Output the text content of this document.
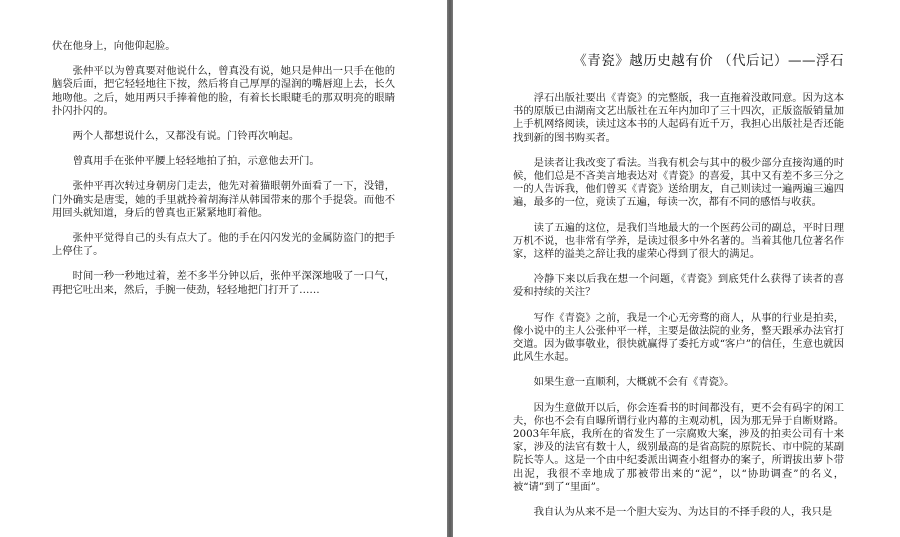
伏在他身上，向他仰起脸。

张仲平以为曾真要对他说什么，曾真没有说，她只是伸出一只手在他的脑袋后面，把它轻轻地往下按，然后将自己厚厚的湿润的嘴唇迎上去，长久地吻他。之后，她用两只手捧着他的脸，有着长长眼睫毛的那双明亮的眼睛扑闪扑闪的。

两个人都想说什么，又都没有说。门铃再次响起。

曾真用手在张仲平腰上轻轻地拍了拍，示意他去开门。

张仲平再次转过身朝房门走去，他先对着猫眼朝外面看了一下，没错，门外确实是唐雯，她的手里就拎着胡海洋从韩国带来的那个手提袋。而他不用回头就知道，身后的曾真也正紧紧地盯着他。

张仲平觉得自己的头有点大了。他的手在闪闪发光的金属防盗门的把手上停住了。

时间一秒一秒地过着，差不多半分钟以后，张仲平深深地吸了一口气，再把它吐出来，然后，手腕一使劲，轻轻地把门打开了……

《青瓷》越历史越有价 （代后记）——浮石

浮石出版社要出《青瓷》的完整版，我一直拖着没敢同意。因为这本书的原版已由湖南文艺出版社在五年内加印了三十四次，正版盗版销量加上手机网络阅读，读过这本书的人起码有近千万，我担心出版社是否还能找到新的图书购买者。

是读者让我改变了看法。当我有机会与其中的极少部分直接沟通的时候，他们总是不吝美言地表达对《青瓷》的喜爱，其中又有差不多三分之一的人告诉我，他们曾买《青瓷》送给朋友，自己则读过一遍两遍三遍四遍，最多的一位，竟读了五遍，每读一次，都有不同的感悟与收获。

读了五遍的这位，是我们当地最大的一个医药公司的副总，平时日理万机不说，也非常有学养，是读过很多中外名著的。当着其他几位著名作家，这样的溢美之辞让我的虚荣心得到了很大的满足。

冷静下来以后我在想一个问题，《青瓷》到底凭什么获得了读者的喜爱和持续的关注？

写作《青瓷》之前，我是一个心无旁骛的商人，从事的行业是拍卖，像小说中的主人公张仲平一样，主要是做法院的业务，整天跟承办法官打交道。因为做事敬业，很快就赢得了委托方或“客户”的信任，生意也就因此风生水起。

如果生意一直顺利，大概就不会有《青瓷》。

因为生意做开以后，你会连看书的时间都没有，更不会有码字的闲工夫，你也不会有自曝所谓行业内幕的主观动机，因为那无异于自断财路。2003年年底，我所在的省发生了一宗腐败大案，涉及的拍卖公司有十来家，涉及的法官有数十人，级别最高的是省高院的原院长、市中院的某副院长等人。这是一个由中纪委派出调查小组督办的案子，所谓拔出萝卜带出泥，我很不幸地成了那被带出来的“泥”，以“协助调查”的名义，被“请”到了“里面”。

我自认为从来不是一个胆大妄为、为达目的不择手段的人，我只是
